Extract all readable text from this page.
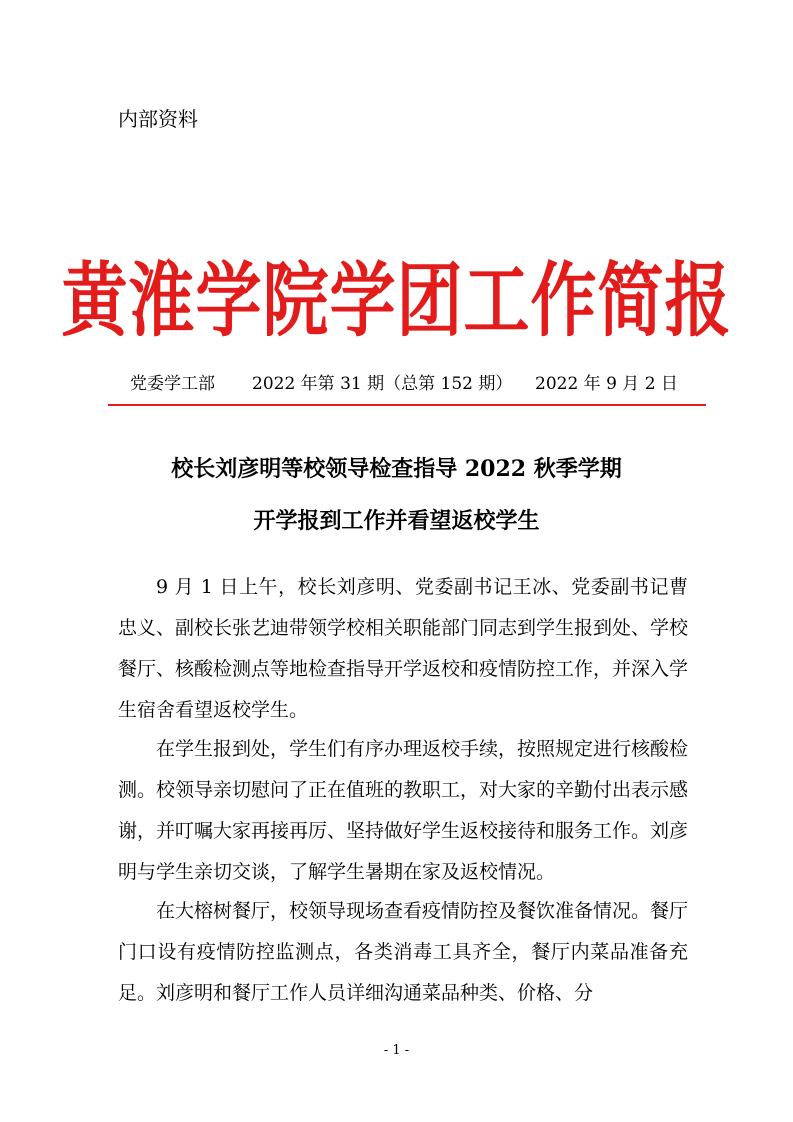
内部资料
黄淮学院学团工作简报
党委学工部 2022 年第 31 期（总第 152 期） 2022 年 9 月 2 日
校长刘彦明等校领导检查指导 2022 秋季学期
开学报到工作并看望返校学生

9 月 1 日上午，校长刘彦明、党委副书记王冰、党委副书记曹忠义、副校长张艺迪带领学校相关职能部门同志到学生报到处、学校餐厅、核酸检测点等地检查指导开学返校和疫情防控工作，并深入学生宿舍看望返校学生。

在学生报到处，学生们有序办理返校手续，按照规定进行核酸检测。校领导亲切慰问了正在值班的教职工，对大家的辛勤付出表示感谢，并叮嘱大家再接再厉、坚持做好学生返校接待和服务工作。刘彦明与学生亲切交谈，了解学生暑期在家及返校情况。

在大榕树餐厅，校领导现场查看疫情防控及餐饮准备情况。餐厅门口设有疫情防控监测点，各类消毒工具齐全，餐厅内菜品准备充足。刘彦明和餐厅工作人员详细沟通菜品种类、价格、分

- 1 -
